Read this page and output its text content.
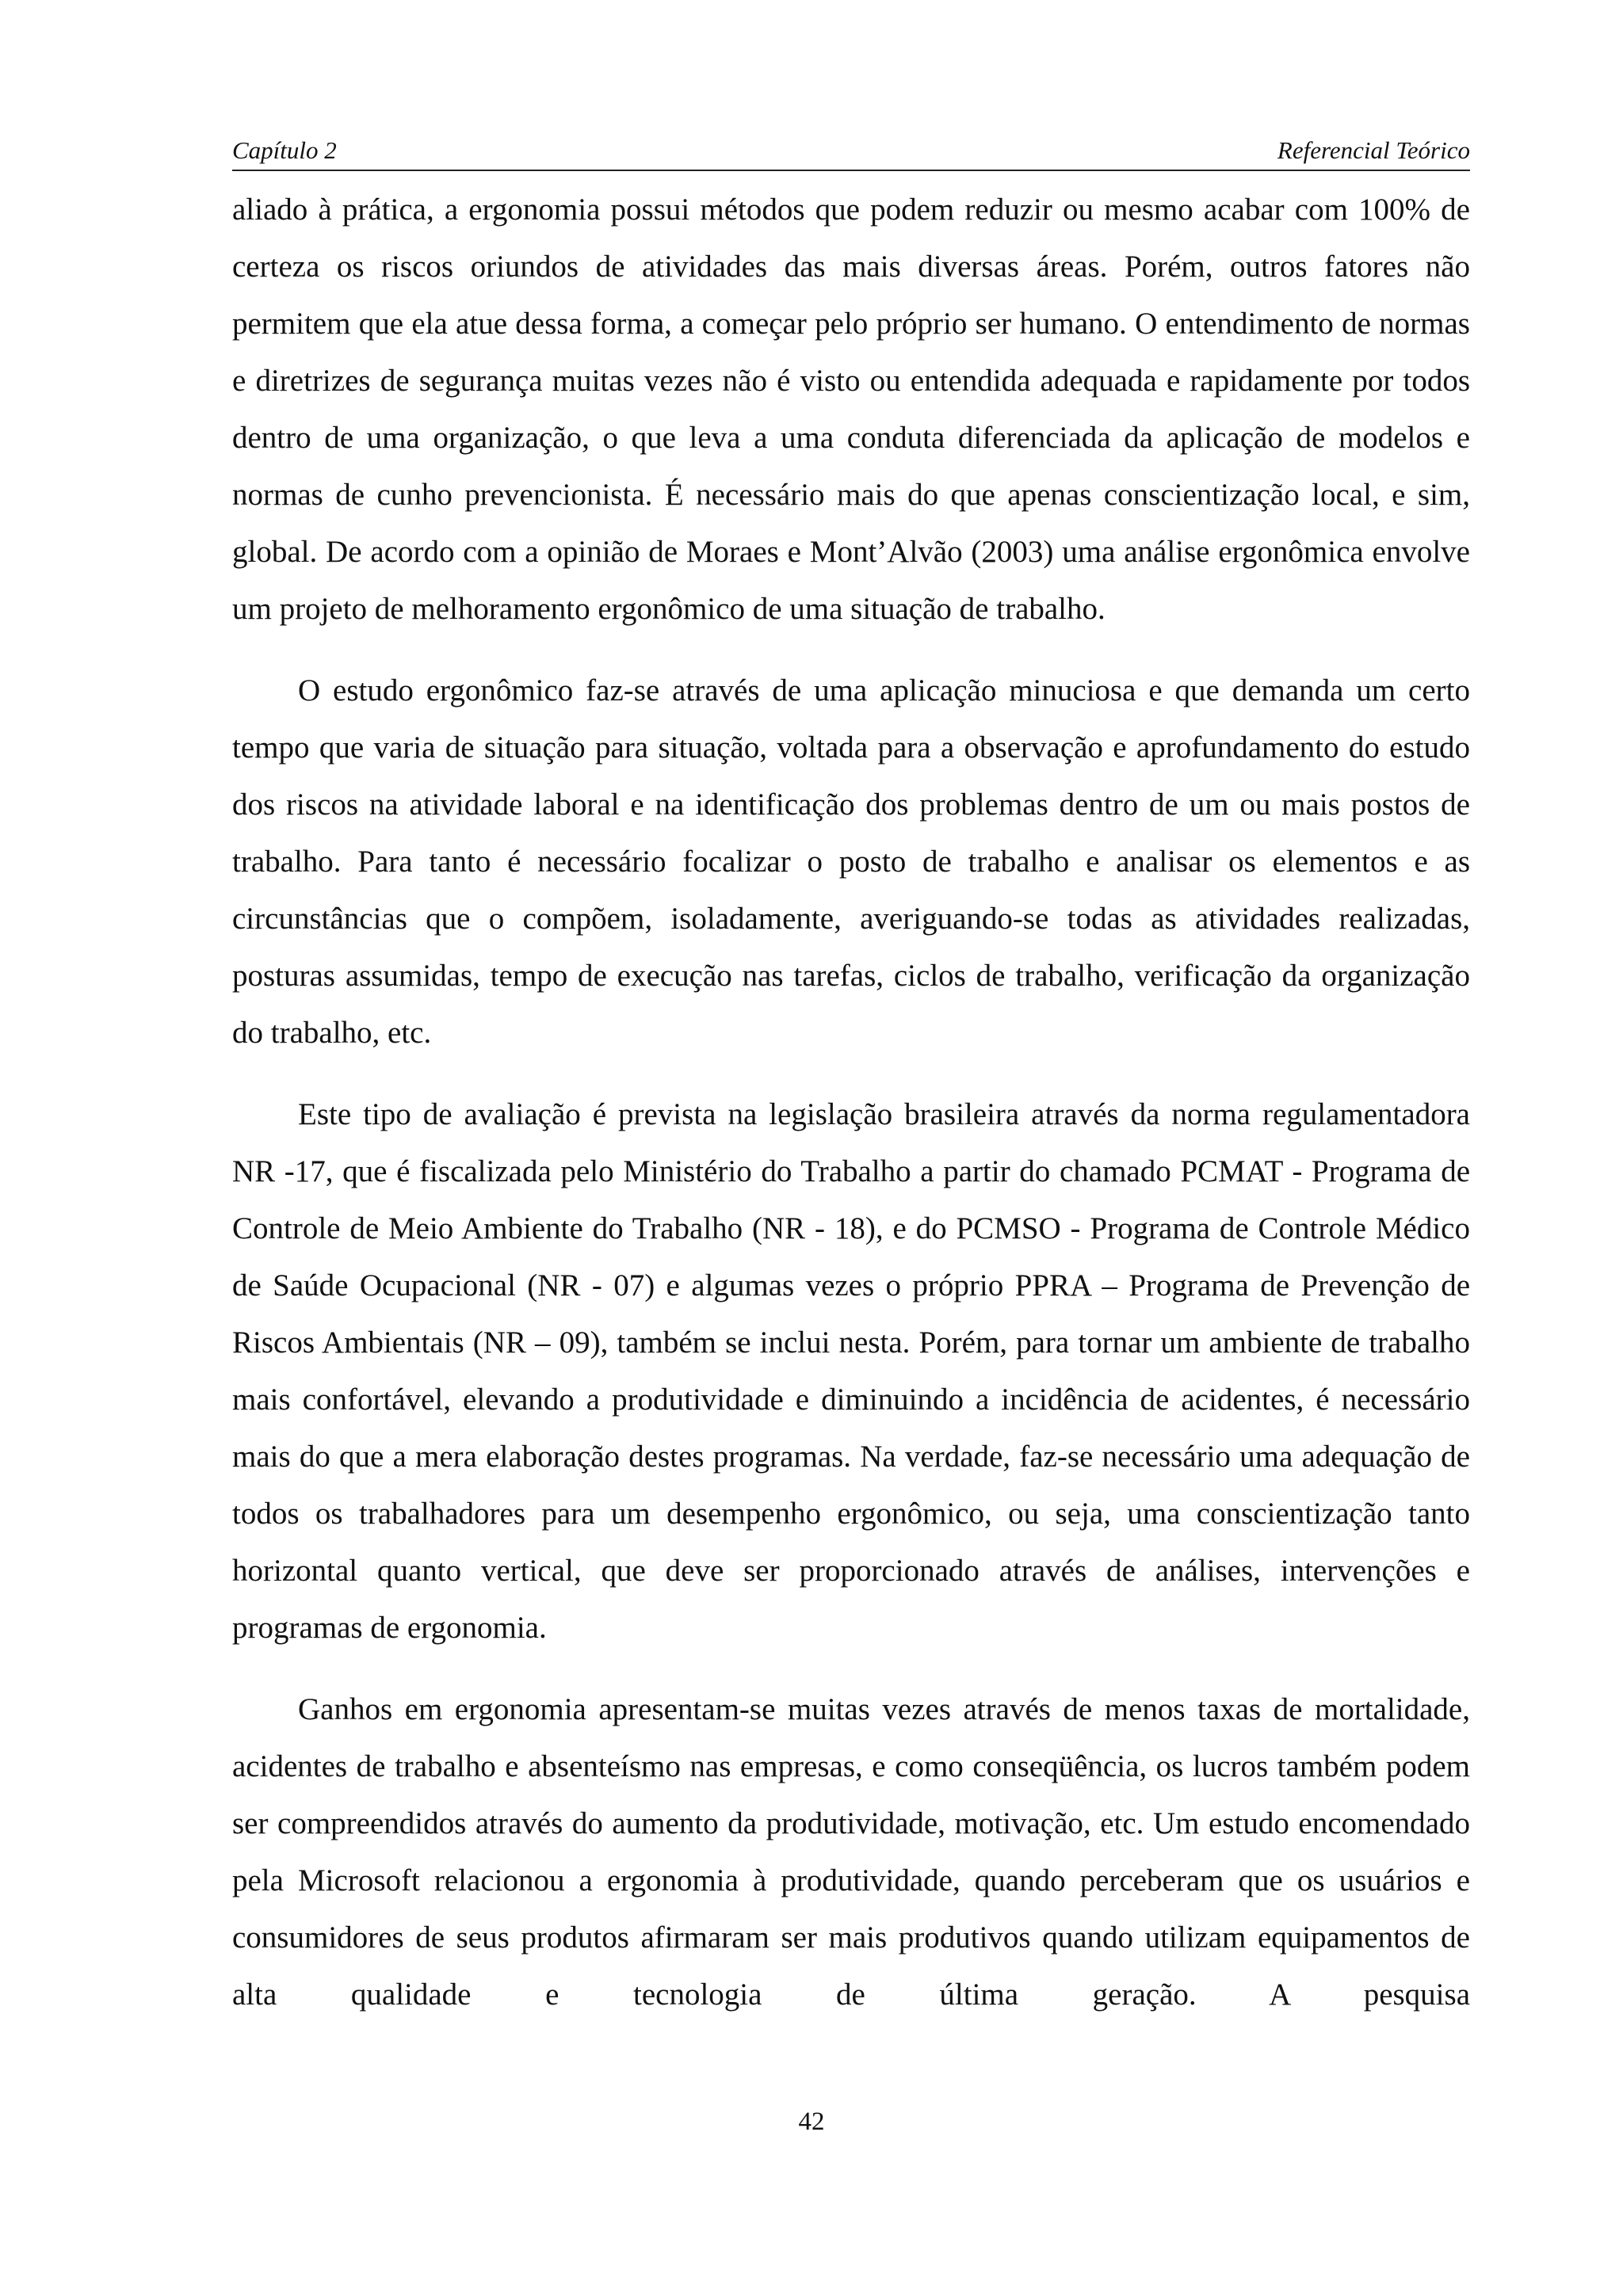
Capítulo 2	Referencial Teórico

aliado à prática, a ergonomia possui métodos que podem reduzir ou mesmo acabar com 100% de certeza os riscos oriundos de atividades das mais diversas áreas. Porém, outros fatores não permitem que ela atue dessa forma, a começar pelo próprio ser humano. O entendimento de normas e diretrizes de segurança muitas vezes não é visto ou entendida adequada e rapidamente por todos dentro de uma organização, o que leva a uma conduta diferenciada da aplicação de modelos e normas de cunho prevencionista. É necessário mais do que apenas conscientização local, e sim, global. De acordo com a opinião de Moraes e Mont’Alvão (2003) uma análise ergonômica envolve um projeto de melhoramento ergonômico de uma situação de trabalho.

O estudo ergonômico faz-se através de uma aplicação minuciosa e que demanda um certo tempo que varia de situação para situação, voltada para a observação e aprofundamento do estudo dos riscos na atividade laboral e na identificação dos problemas dentro de um ou mais postos de trabalho. Para tanto é necessário focalizar o posto de trabalho e analisar os elementos e as circunstâncias que o compõem, isoladamente, averiguando-se todas as atividades realizadas, posturas assumidas, tempo de execução nas tarefas, ciclos de trabalho, verificação da organização do trabalho, etc.

Este tipo de avaliação é prevista na legislação brasileira através da norma regulamentadora NR -17, que é fiscalizada pelo Ministério do Trabalho a partir do chamado PCMAT - Programa de Controle de Meio Ambiente do Trabalho (NR - 18), e do PCMSO - Programa de Controle Médico de Saúde Ocupacional (NR - 07) e algumas vezes o próprio PPRA – Programa de Prevenção de Riscos Ambientais (NR – 09), também se inclui nesta. Porém, para tornar um ambiente de trabalho mais confortável, elevando a produtividade e diminuindo a incidência de acidentes, é necessário mais do que a mera elaboração destes programas. Na verdade, faz-se necessário uma adequação de todos os trabalhadores para um desempenho ergonômico, ou seja, uma conscientização tanto horizontal quanto vertical, que deve ser proporcionado através de análises, intervenções e programas de ergonomia.

Ganhos em ergonomia apresentam-se muitas vezes através de menos taxas de mortalidade, acidentes de trabalho e absenteísmo nas empresas, e como conseqüência, os lucros também podem ser compreendidos através do aumento da produtividade, motivação, etc. Um estudo encomendado pela Microsoft relacionou a ergonomia à produtividade, quando perceberam que os usuários e consumidores de seus produtos afirmaram ser mais produtivos quando utilizam equipamentos de alta qualidade e tecnologia de última geração. A pesquisa

42
